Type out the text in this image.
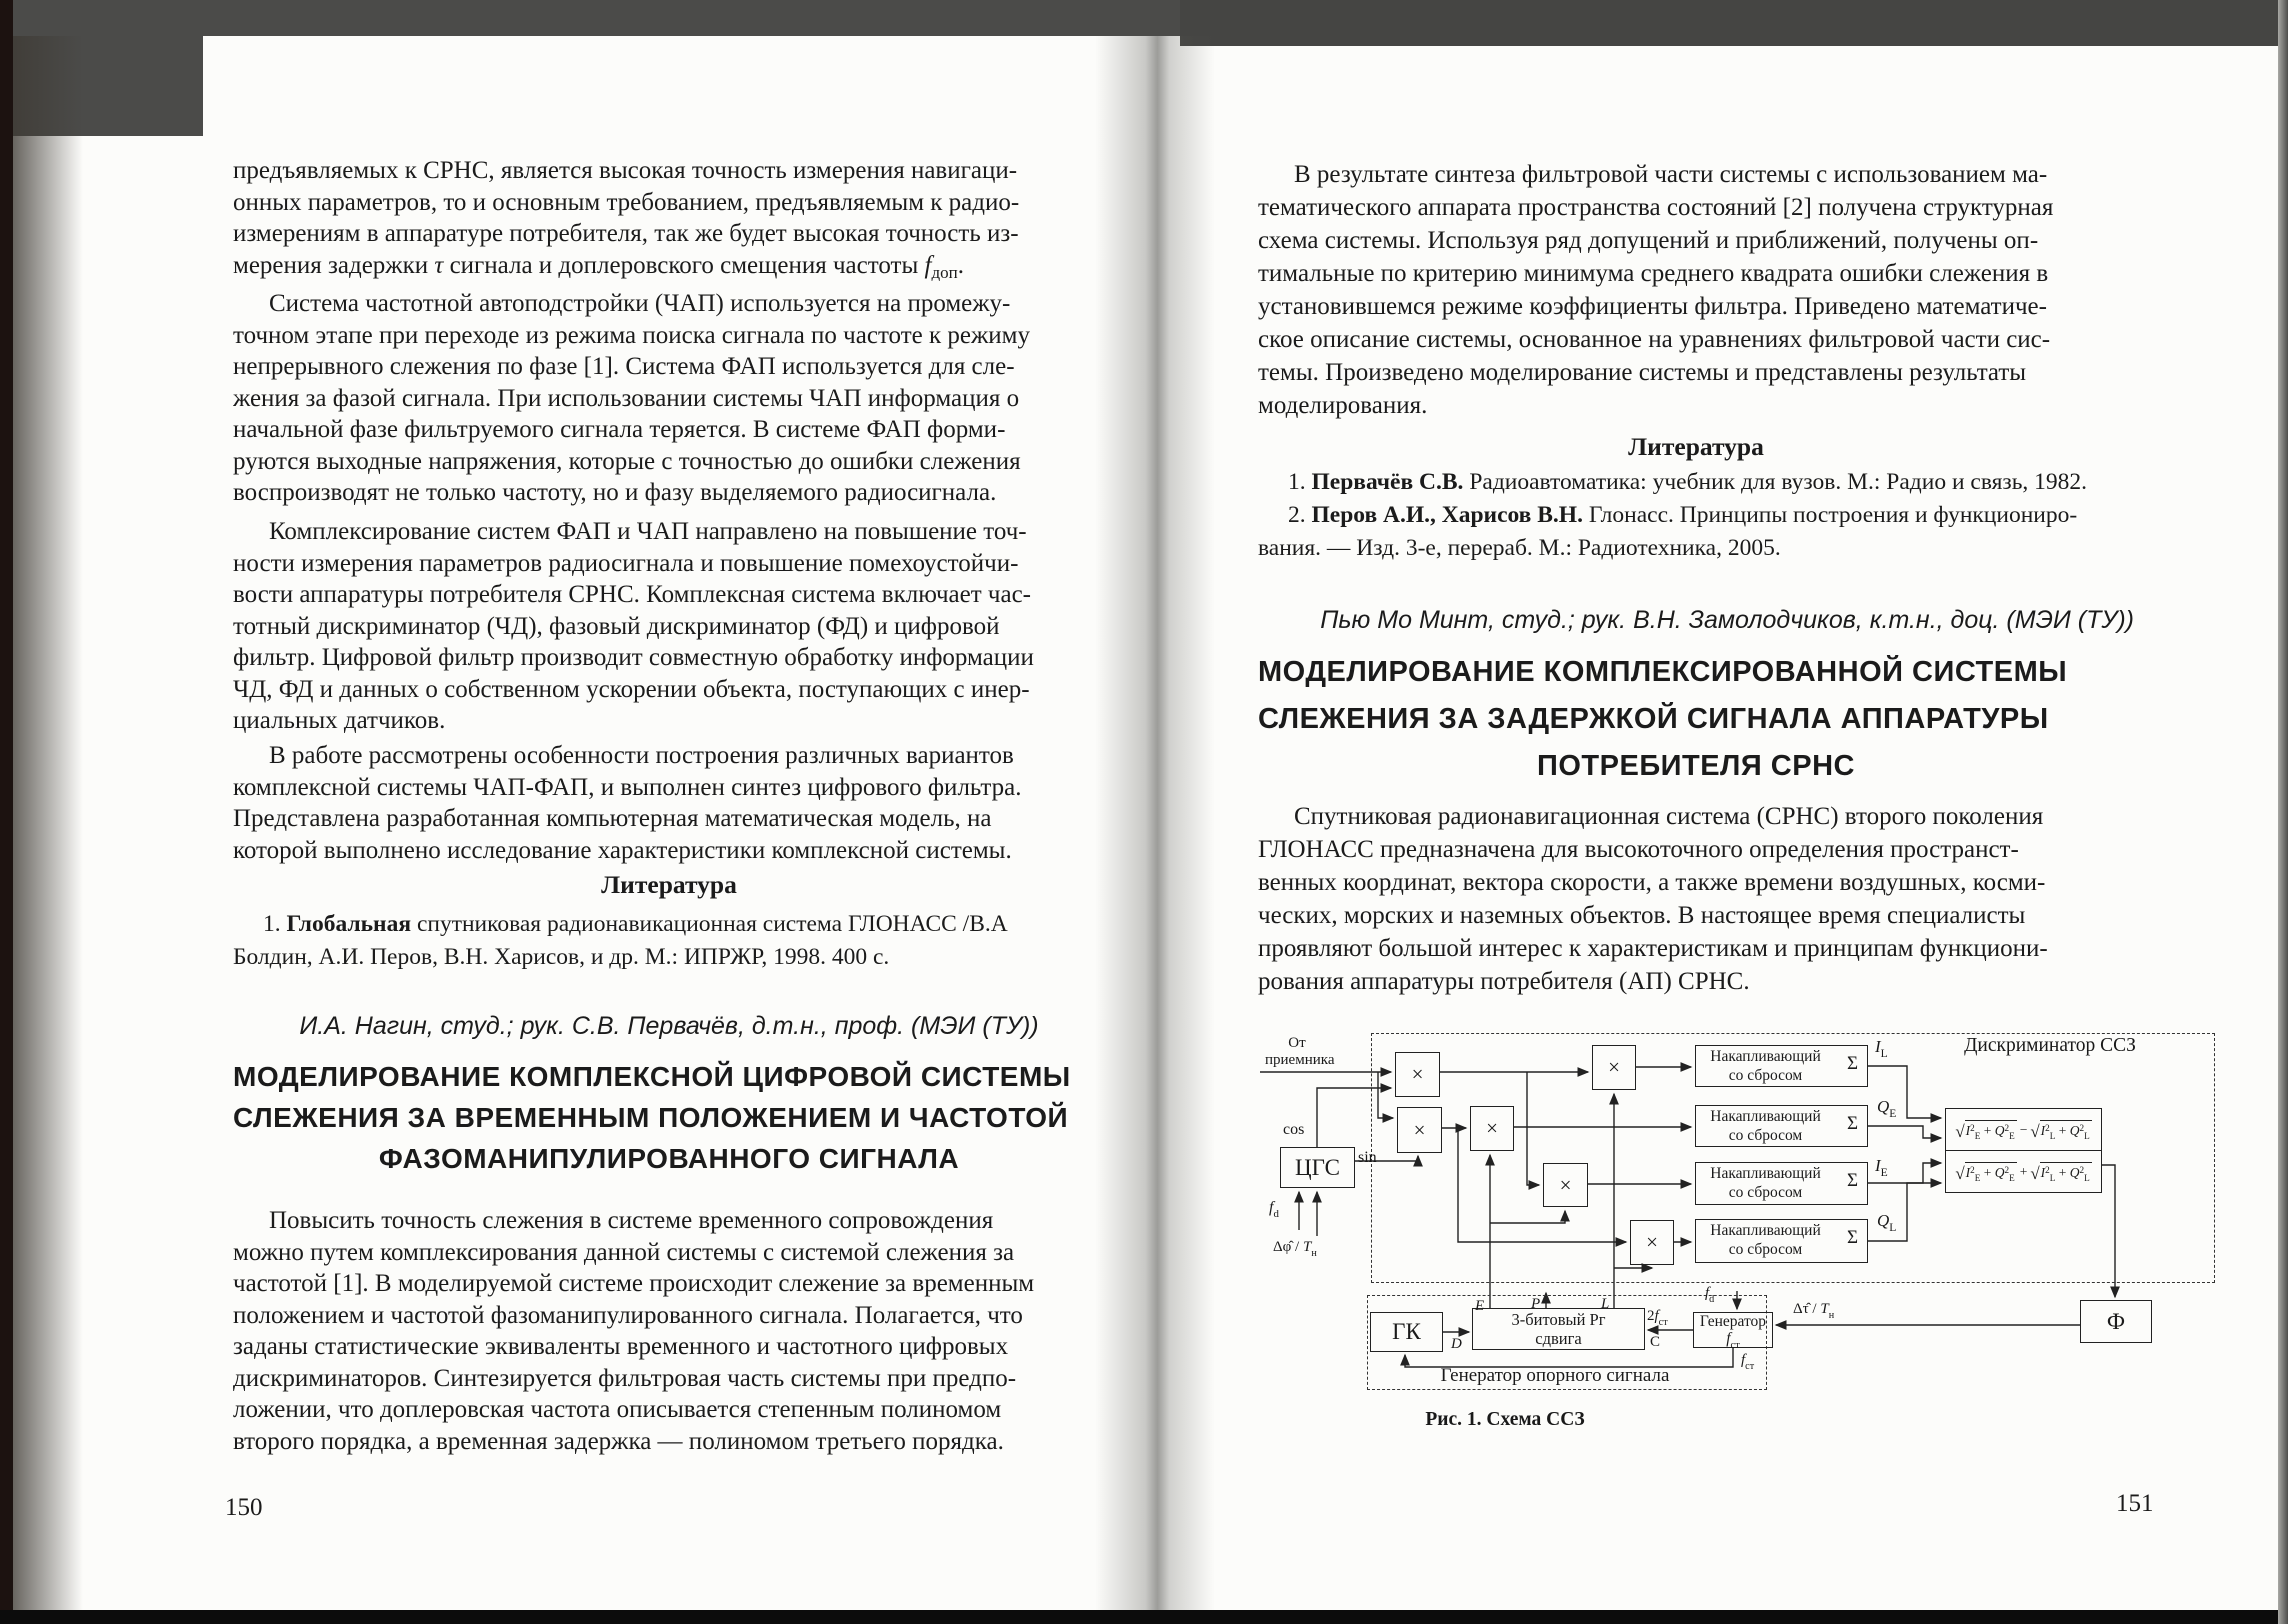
предъявляемых к СРНС, является высокая точность измерения навигаци-
онных параметров, то и основным требованием, предъявляемым к радио-
измерениям в аппаратуре потребителя, так же будет высокая точность из-
мерения задержки τ сигнала и доплеровского смещения частоты $f_{доп}$.
Система частотной автоподстройки (ЧАП) используется на промежу-
точном этапе при переходе из режима поиска сигнала по частоте к режиму
непрерывного слежения по фазе [1]. Система ФАП используется для сле-
жения за фазой сигнала. При использовании системы ЧАП информация о
начальной фазе фильтруемого сигнала теряется. В системе ФАП форми-
руются выходные напряжения, которые с точностью до ошибки слежения
воспроизводят не только частоту, но и фазу выделяемого радиосигнала.
Комплексирование систем ФАП и ЧАП направлено на повышение точ-
ности измерения параметров радиосигнала и повышение помехоустойчи-
вости аппаратуры потребителя СРНС. Комплексная система включает час-
тотный дискриминатор (ЧД), фазовый дискриминатор (ФД) и цифровой
фильтр. Цифровой фильтр производит совместную обработку информации
ЧД, ФД и данных о собственном ускорении объекта, поступающих с инер-
циальных датчиков.
В работе рассмотрены особенности построения различных вариантов
комплексной системы ЧАП-ФАП, и выполнен синтез цифрового фильтра.
Представлена разработанная компьютерная математическая модель, на
которой выполнено исследование характеристики комплексной системы.
Литература
1. Глобальная спутниковая радионавикационная система ГЛОНАСС /В.А
Болдин, А.И. Перов, В.Н. Харисов, и др. М.: ИПРЖР, 1998. 400 с.
И.А. Нагин, студ.; рук. С.В. Первачёв, д.т.н., проф. (МЭИ (ТУ))
МОДЕЛИРОВАНИЕ КОМПЛЕКСНОЙ ЦИФРОВОЙ СИСТЕМЫ
СЛЕЖЕНИЯ ЗА ВРЕМЕННЫМ ПОЛОЖЕНИЕМ И ЧАСТОТОЙ
ФАЗОМАНИПУЛИРОВАННОГО СИГНАЛА
Повысить точность слежения в системе временного сопровождения
можно путем комплексирования данной системы с системой слежения за
частотой [1]. В моделируемой системе происходит слежение за временным
положением и частотой фазоманипулированного сигнала. Полагается, что
заданы статистические эквиваленты временного и частотного цифровых
дискриминаторов. Синтезируется фильтровая часть системы при предпо-
ложении, что доплеровская частота описывается степенным полиномом
второго порядка, а временная задержка — полиномом третьего порядка.
150
В результате синтеза фильтровой части системы с использованием ма-
тематического аппарата пространства состояний [2] получена структурная
схема системы. Используя ряд допущений и приближений, получены оп-
тимальные по критерию минимума среднего квадрата ошибки слежения в
установившемся режиме коэффициенты фильтра. Приведено математиче-
ское описание системы, основанное на уравнениях фильтровой части сис-
темы. Произведено моделирование системы и представлены результаты
моделирования.
Литература
1. Первачёв С.В. Радиоавтоматика: учебник для вузов. М.: Радио и связь, 1982.
2. Перов А.И., Харисов В.Н. Глонасс. Принципы построения и функциониро-
вания. — Изд. 3-е, перераб. М.: Радиотехника, 2005.
Пью Мо Минт, студ.; рук. В.Н. Замолодчиков, к.т.н., доц. (МЭИ (ТУ))
МОДЕЛИРОВАНИЕ КОМПЛЕКСИРОВАННОЙ СИСТЕМЫ
СЛЕЖЕНИЯ ЗА ЗАДЕРЖКОЙ СИГНАЛА АППАРАТУРЫ
ПОТРЕБИТЕЛЯ СРНС
Спутниковая радионавигационная система (СРНС) второго поколения
ГЛОНАСС предназначена для высокоточного определения пространст-
венных координат, вектора скорости, а также времени воздушных, косми-
ческих, морских и наземных объектов. В настоящее время специалисты
проявляют большой интерес к характеристикам и принципам функциони-
рования аппаратуры потребителя (АП) СРНС.
151
ЦГС
×
×	×
×
×
×
Накапливающий
со сбросом
Σ
Накапливающий
со сбросом
Σ
Накапливающий
со сбросом
Σ
Накапливающий
со сбросом
Σ
$\frac{√ I^2_E + Q^2_E - √ I^2_L + Q^2_L}{√ I^2_E + Q^2_E + √ I^2_L + Q^2_L}$
Ф
ГК	3-битовый Рг
сдвига
Генератор
$f_{ст}$
От
приемника
cos
sin
$f_d$
Δφ̂ / $T_н$
$I_L$
$Q_E$
$I_E$
$Q_L$
Дискриминатор ССЗ
E	P	L
D	C
$2f_{ст}$
$f_d$
$f_{ст}$
Генератор опорного сигнала
Δτ̂ / $T_н$
Рис. 1. Схема ССЗ
